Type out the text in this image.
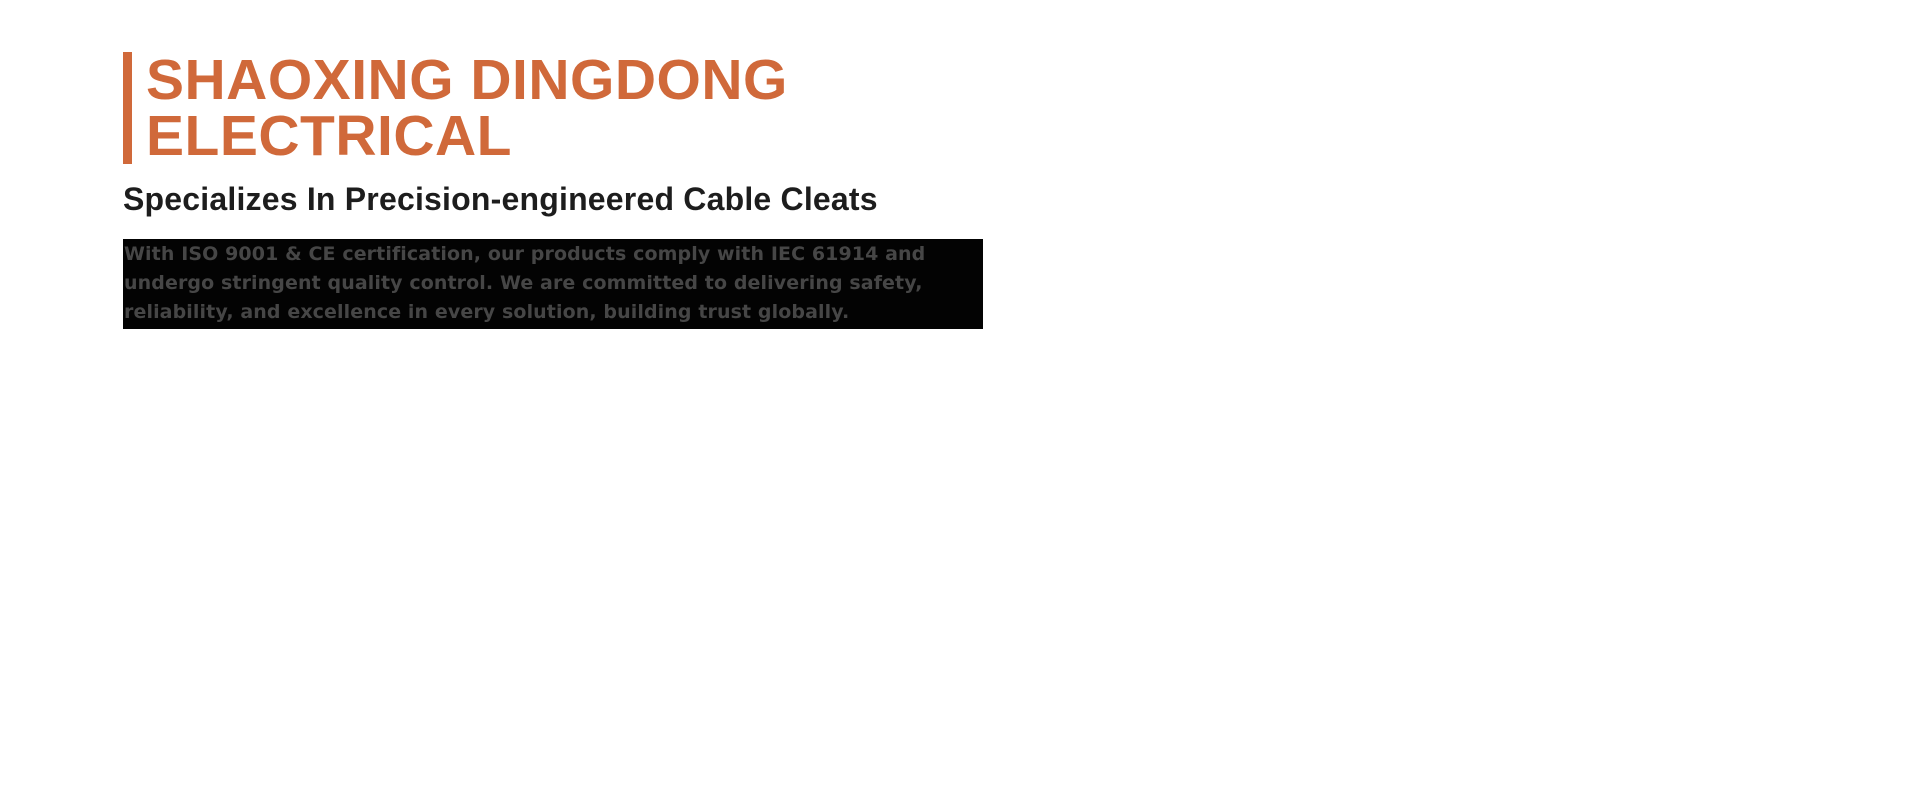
SHAOXING DINGDONG
ELECTRICAL
Specializes In Precision-engineered Cable Cleats

With ISO 9001 & CE certification, our products comply with IEC 61914 and undergo stringent quality control. We are committed to delivering safety, reliability, and excellence in every solution, building trust globally.
